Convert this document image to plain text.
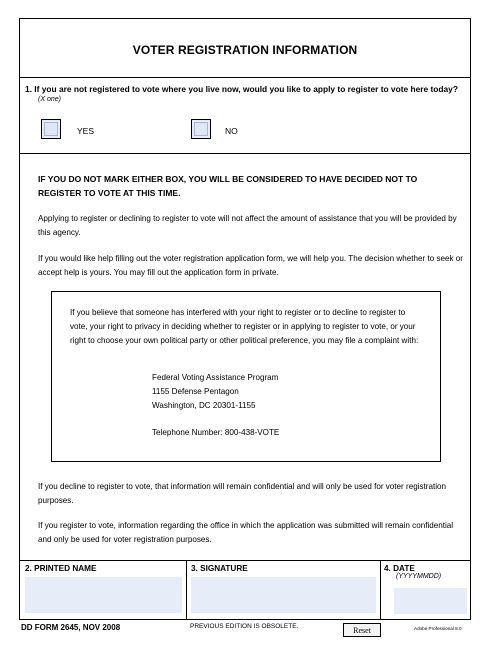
VOTER REGISTRATION INFORMATION
1. If you are not registered to vote where you live now, would you like to apply to register to vote here today?
(X one)
YES	NO
IF YOU DO NOT MARK EITHER BOX, YOU WILL BE CONSIDERED TO HAVE DECIDED NOT TO REGISTER TO VOTE AT THIS TIME.
Applying to register or declining to register to vote will not affect the amount of assistance that you will be provided by this agency.
If you would like help filling out the voter registration application form, we will help you. The decision whether to seek or accept help is yours. You may fill out the application form in private.
If you believe that someone has interfered with your right to register or to decline to register to vote, your right to privacy in deciding whether to register or in applying to register to vote, or your right to choose your own political party or other political preference, you may file a complaint with:
Federal Voting Assistance Program
1155 Defense Pentagon
Washington, DC 20301-1155
Telephone Number: 800-438-VOTE
If you decline to register to vote, that information will remain confidential and will only be used for voter registration purposes.
If you register to vote, information regarding the office in which the application was submitted will remain confidential and only be used for voter registration purposes.
2. PRINTED NAME	3. SIGNATURE	4. DATE
(YYYYMMDD)
DD FORM 2645, NOV 2008	PREVIOUS EDITION IS OBSOLETE.	Reset	Adobe Professional 8.0
